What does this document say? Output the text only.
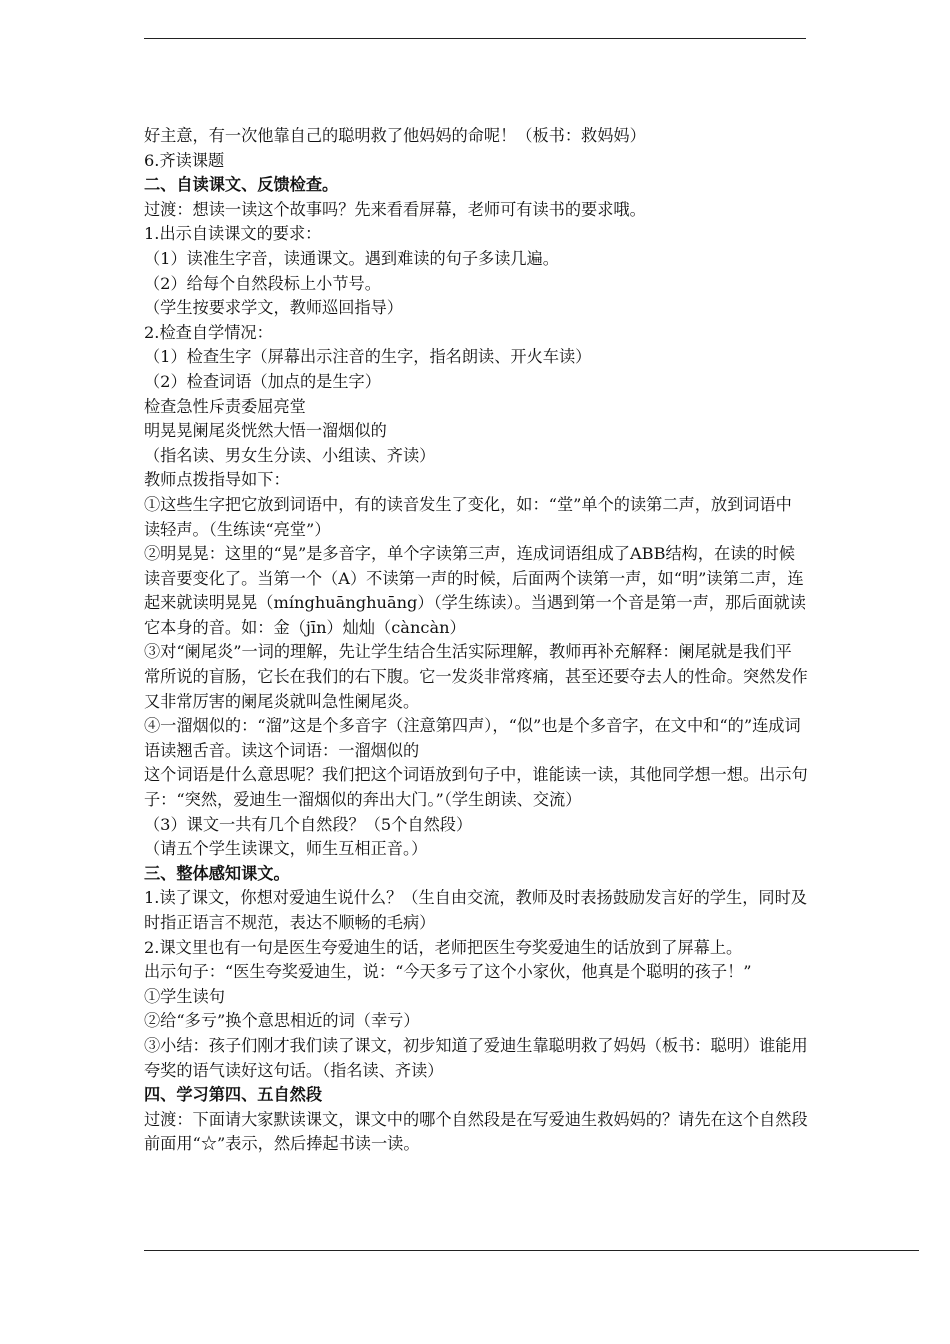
好主意，有一次他靠自己的聪明救了他妈妈的命呢！（板书：救妈妈）

6.齐读课题

二、自读课文、反馈检查。

过渡：想读一读这个故事吗？先来看看屏幕，老师可有读书的要求哦。

1.出示自读课文的要求：

（1）读准生字音，读通课文。遇到难读的句子多读几遍。

（2）给每个自然段标上小节号。

（学生按要求学文，教师巡回指导）

2.检查自学情况：

（1）检查生字（屏幕出示注音的生字，指名朗读、开火车读）

（2）检查词语（加点的是生字）

检查急性斥责委屈亮堂

明晃晃阑尾炎恍然大悟一溜烟似的

（指名读、男女生分读、小组读、齐读）

教师点拨指导如下：

①这些生字把它放到词语中，有的读音发生了变化，如：“堂”单个的读第二声，放到词语中读轻声。（生练读“亮堂”）

②明晃晃：这里的“晃”是多音字，单个字读第三声，连成词语组成了ABB结构，在读的时候读音要变化了。当第一个（A）不读第一声的时候，后面两个读第一声，如“明”读第二声，连起来就读明晃晃（mínghuānghuāng）（学生练读）。当遇到第一个音是第一声，那后面就读它本身的音。如：金（jīn）灿灿（càncàn）

③对“阑尾炎”一词的理解，先让学生结合生活实际理解，教师再补充解释：阑尾就是我们平常所说的盲肠，它长在我们的右下腹。它一发炎非常疼痛，甚至还要夺去人的性命。突然发作又非常厉害的阑尾炎就叫急性阑尾炎。

④一溜烟似的：“溜”这是个多音字（注意第四声），“似”也是个多音字，在文中和“的”连成词语读翘舌音。读这个词语：一溜烟似的

这个词语是什么意思呢？我们把这个词语放到句子中，谁能读一读，其他同学想一想。出示句子：“突然，爱迪生一溜烟似的奔出大门。”（学生朗读、交流）

（3）课文一共有几个自然段？（5个自然段）

（请五个学生读课文，师生互相正音。）

三、整体感知课文。

1.读了课文，你想对爱迪生说什么？（生自由交流，教师及时表扬鼓励发言好的学生，同时及时指正语言不规范，表达不顺畅的毛病）

2.课文里也有一句是医生夸爱迪生的话，老师把医生夸奖爱迪生的话放到了屏幕上。

出示句子：“医生夸奖爱迪生，说：“今天多亏了这个小家伙，他真是个聪明的孩子！”

①学生读句

②给“多亏”换个意思相近的词（幸亏）

③小结：孩子们刚才我们读了课文，初步知道了爱迪生靠聪明救了妈妈（板书：聪明）谁能用夸奖的语气读好这句话。（指名读、齐读）

四、学习第四、五自然段

过渡：下面请大家默读课文，课文中的哪个自然段是在写爱迪生救妈妈的？请先在这个自然段前面用“☆”表示，然后捧起书读一读。
